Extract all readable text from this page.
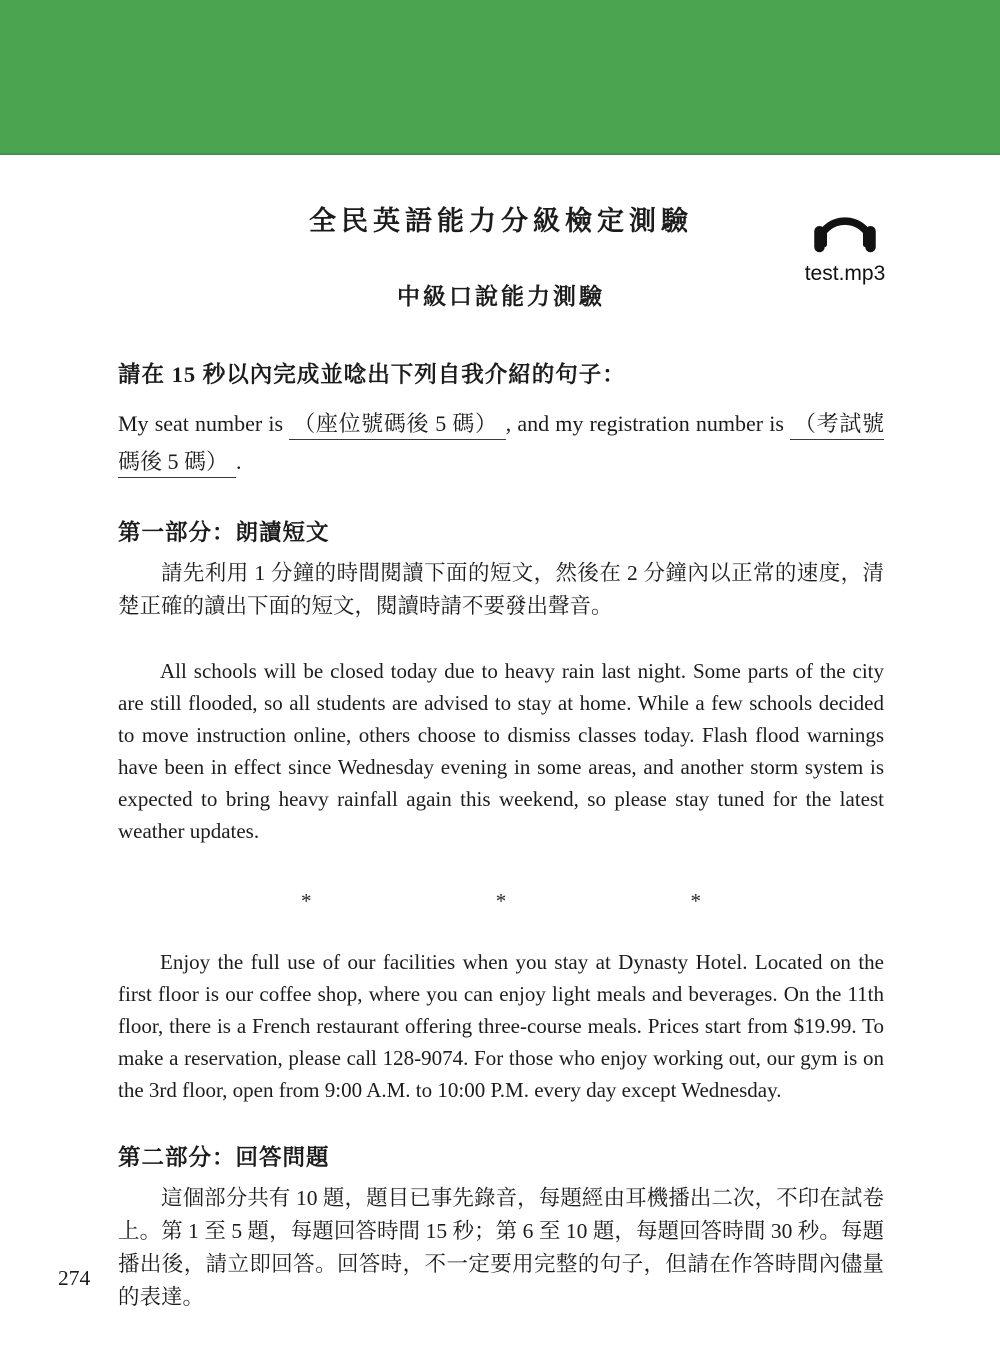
test.mp3
全民英語能力分級檢定測驗
中級口說能力測驗

請在 15 秒以內完成並唸出下列自我介紹的句子：

My seat number is （座位號碼後 5 碼） , and my registration number is （考試號碼後 5 碼） .

第一部分：朗讀短文

請先利用 1 分鐘的時間閱讀下面的短文，然後在 2 分鐘內以正常的速度，清楚正確的讀出下面的短文，閱讀時請不要發出聲音。

All schools will be closed today due to heavy rain last night. Some parts of the city are still flooded, so all students are advised to stay at home. While a few schools decided to move instruction online, others choose to dismiss classes today. Flash flood warnings have been in effect since Wednesday evening in some areas, and another storm system is expected to bring heavy rainfall again this weekend, so please stay tuned for the latest weather updates.

*	*	*

Enjoy the full use of our facilities when you stay at Dynasty Hotel. Located on the first floor is our coffee shop, where you can enjoy light meals and beverages. On the 11th floor, there is a French restaurant offering three-course meals. Prices start from $19.99. To make a reservation, please call 128-9074. For those who enjoy working out, our gym is on the 3rd floor, open from 9:00 A.M. to 10:00 P.M. every day except Wednesday.

第二部分：回答問題

這個部分共有 10 題，題目已事先錄音，每題經由耳機播出二次，不印在試卷上。第 1 至 5 題，每題回答時間 15 秒；第 6 至 10 題，每題回答時間 30 秒。每題播出後，請立即回答。回答時，不一定要用完整的句子，但請在作答時間內儘量的表達。

274
